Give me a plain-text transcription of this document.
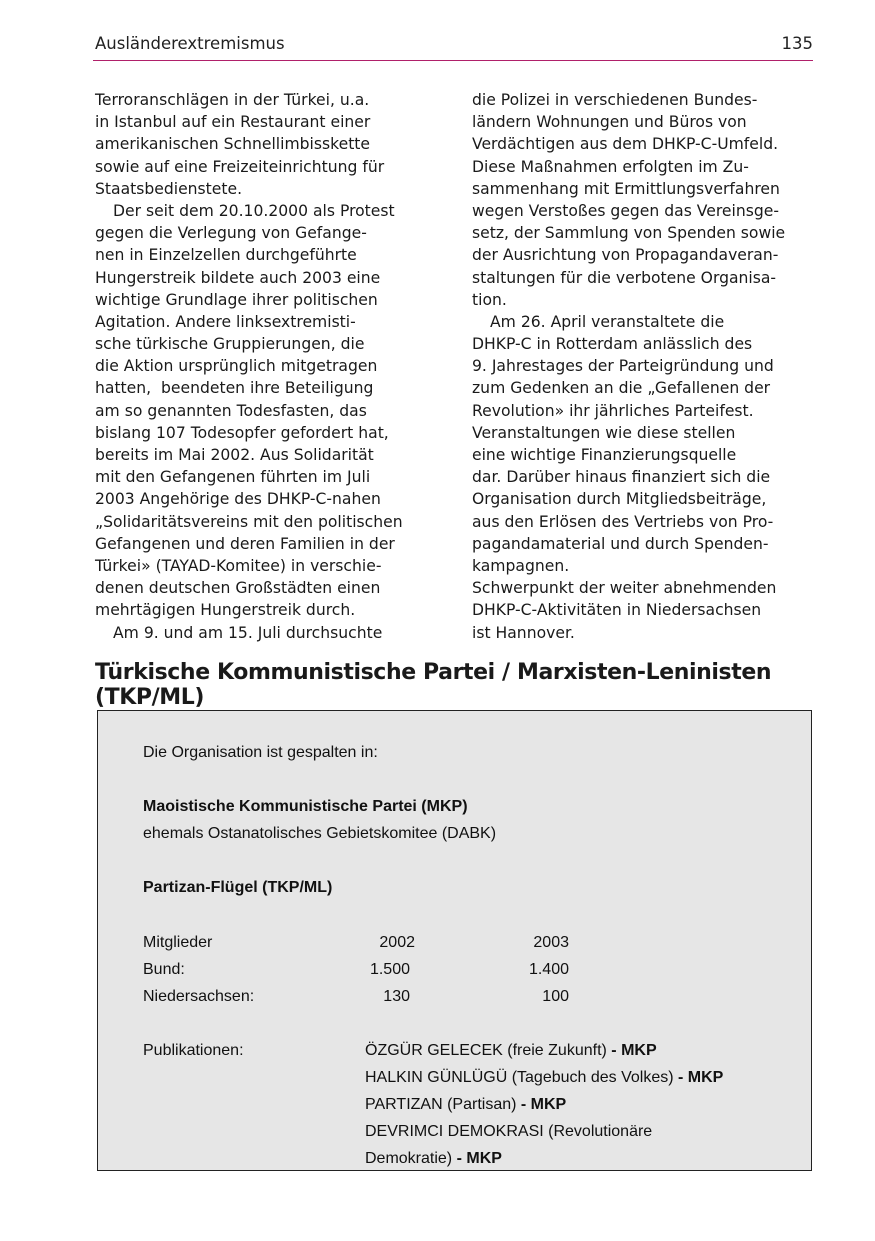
Ausländerextremismus	135
Terroranschlägen in der Türkei, u.a.
in Istanbul auf ein Restaurant einer
amerikanischen Schnellimbisskette
sowie auf eine Freizeiteinrichtung für
Staatsbedienstete.
Der seit dem 20.10.2000 als Protest
gegen die Verlegung von Gefange-
nen in Einzelzellen durchgeführte
Hungerstreik bildete auch 2003 eine
wichtige Grundlage ihrer politischen
Agitation. Andere linksextremisti-
sche türkische Gruppierungen, die
die Aktion ursprünglich mitgetragen
hatten,  beendeten ihre Beteiligung
am so genannten Todesfasten, das
bislang 107 Todesopfer gefordert hat,
bereits im Mai 2002. Aus Solidarität
mit den Gefangenen führten im Juli
2003 Angehörige des DHKP-C-nahen
„Solidaritätsvereins mit den politischen
Gefangenen und deren Familien in der
Türkei» (TAYAD-Komitee) in verschie-
denen deutschen Großstädten einen
mehrtägigen Hungerstreik durch.
Am 9. und am 15. Juli durchsuchte
die Polizei in verschiedenen Bundes-
ländern Wohnungen und Büros von
Verdächtigen aus dem DHKP-C-Umfeld.
Diese Maßnahmen erfolgten im Zu-
sammenhang mit Ermittlungsverfahren
wegen Verstoßes gegen das Vereinsge-
setz, der Sammlung von Spenden sowie
der Ausrichtung von Propagandaveran-
staltungen für die verbotene Organisa-
tion.
Am 26. April veranstaltete die
DHKP-C in Rotterdam anlässlich des
9. Jahrestages der Parteigründung und
zum Gedenken an die „Gefallenen der
Revolution» ihr jährliches Parteifest.
Veranstaltungen wie diese stellen
eine wichtige Finanzierungsquelle
dar. Darüber hinaus finanziert sich die
Organisation durch Mitgliedsbeiträge,
aus den Erlösen des Vertriebs von Pro-
pagandamaterial und durch Spenden-
kampagnen.
Schwerpunkt der weiter abnehmenden
DHKP-C-Aktivitäten in Niedersachsen
ist Hannover.
Türkische Kommunistische Partei / Marxisten-Leninisten (TKP/ML)
Die Organisation ist gespalten in:
Maoistische Kommunistische Partei (MKP)
ehemals Ostanatolisches Gebietskomitee (DABK)
Partizan-Flügel (TKP/ML)
Mitglieder	2002	2003
Bund:	1.500	1.400
Niedersachsen:	130	100
Publikationen:	ÖZGÜR GELECEK (freie Zukunft) - MKP
HALKIN GÜNLÜGÜ (Tagebuch des Volkes) - MKP
PARTIZAN (Partisan) - MKP
DEVRIMCI DEMOKRASI (Revolutionäre
Demokratie) - MKP
